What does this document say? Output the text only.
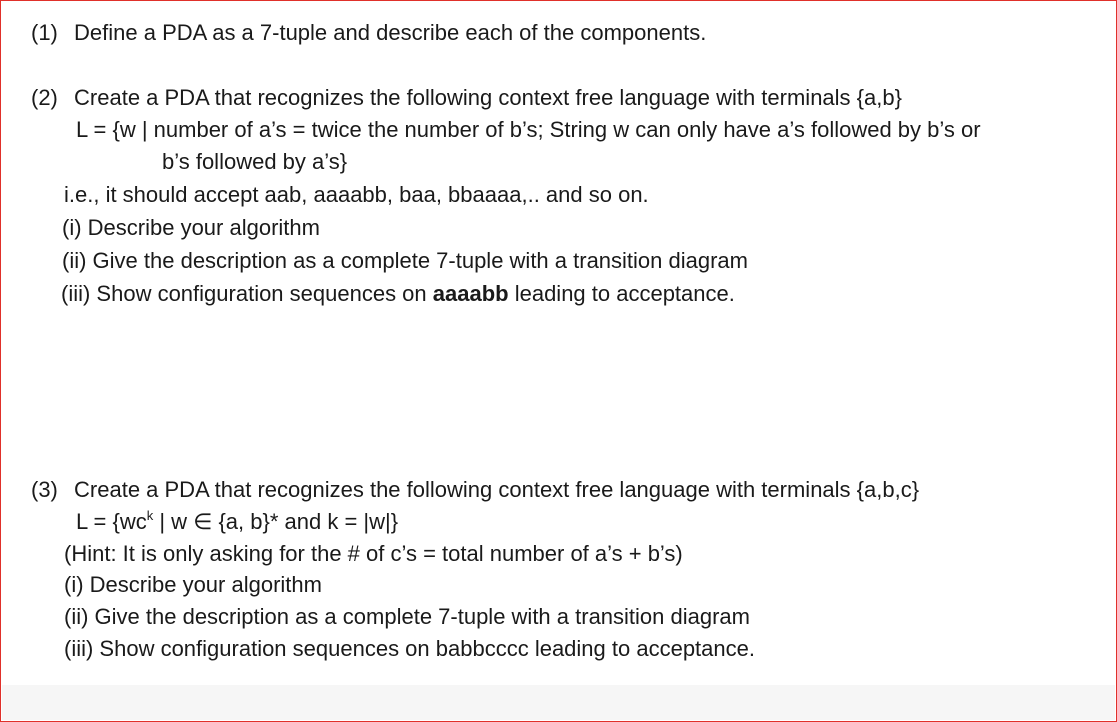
(1) Define a PDA as a 7-tuple and describe each of the components.
(2) Create a PDA that recognizes the following context free language with terminals {a,b}
L = {w | number of a’s = twice the number of b’s; String w can only have a’s followed by b’s or
b’s followed by a’s}
i.e., it should accept aab, aaaabb, baa, bbaaaa,.. and so on.
(i) Describe your algorithm
(ii) Give the description as a complete 7-tuple with a transition diagram
(iii) Show configuration sequences on aaaabb leading to acceptance.
(3) Create a PDA that recognizes the following context free language with terminals {a,b,c}
$L = \{wc^k$ | w ∈ {a, b}* and k = |w|}
(Hint: It is only asking for the # of c’s = total number of a’s + b’s)
(i) Describe your algorithm
(ii) Give the description as a complete 7-tuple with a transition diagram
(iii) Show configuration sequences on babbcccc leading to acceptance.
